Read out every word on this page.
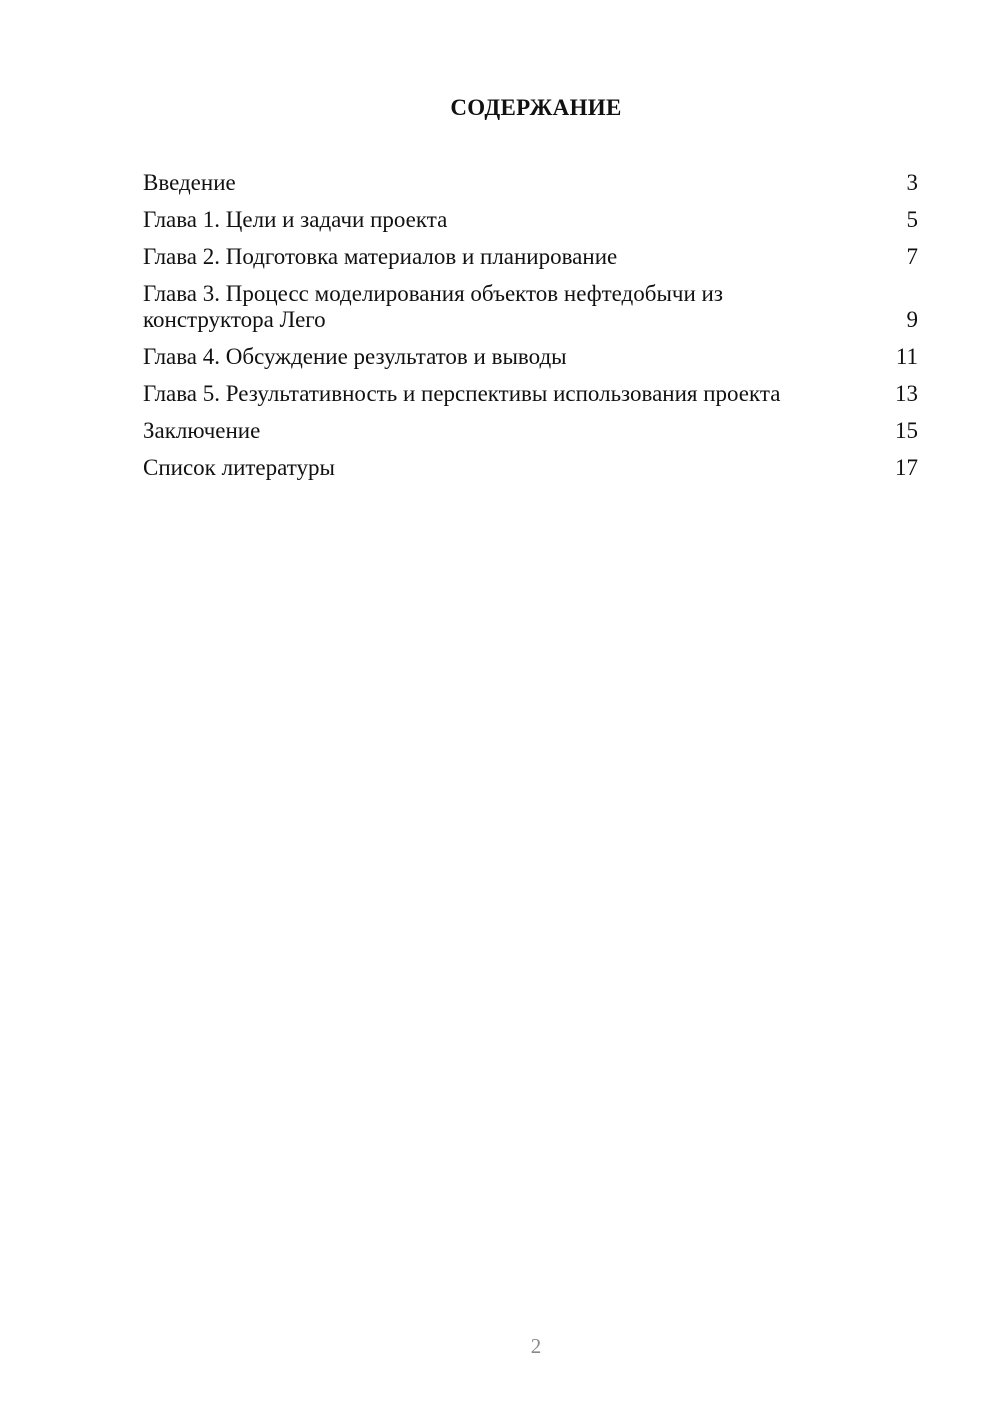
СОДЕРЖАНИЕ
Введение	3
Глава 1. Цели и задачи проекта	5
Глава 2. Подготовка материалов и планирование	7
Глава 3. Процесс моделирования объектов нефтедобычи из конструктора Лего	9
Глава 4. Обсуждение результатов и выводы	11
Глава 5. Результативность и перспективы использования проекта	13
Заключение	15
Список литературы	17
2
